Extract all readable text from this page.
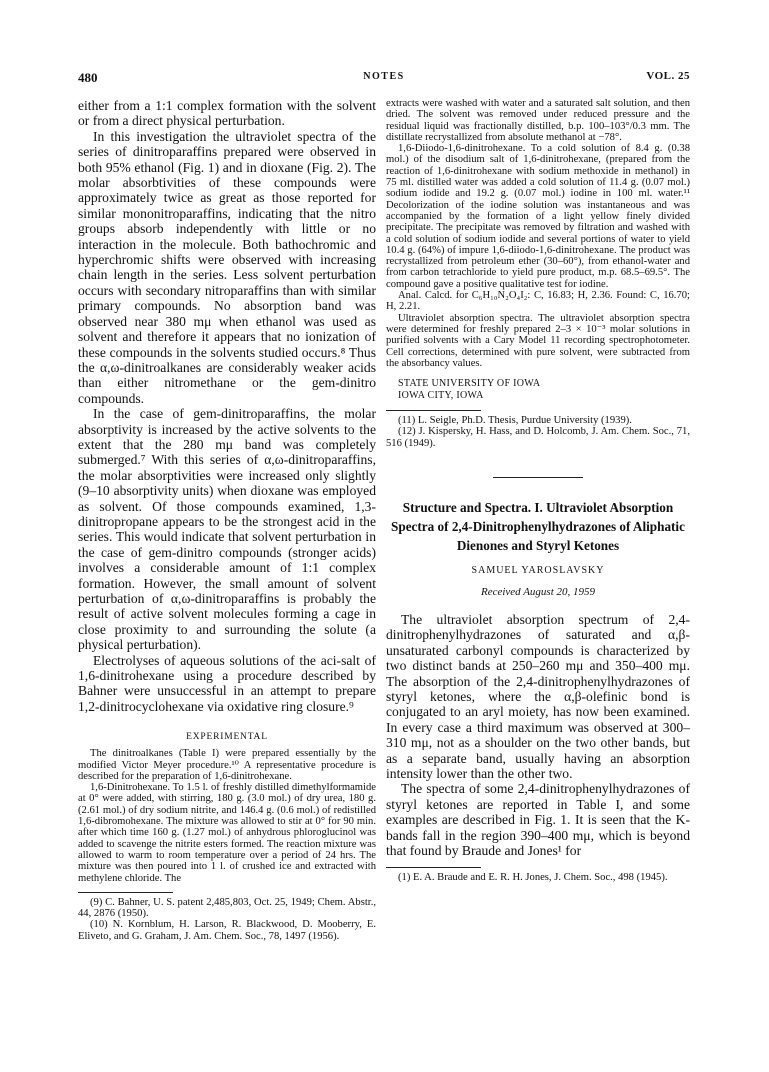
480	NOTES	VOL. 25

either from a 1:1 complex formation with the solvent or from a direct physical perturbation.

In this investigation the ultraviolet spectra of the series of dinitroparaffins prepared were observed in both 95% ethanol (Fig. 1) and in dioxane (Fig. 2). The molar absorbtivities of these compounds were approximately twice as great as those reported for similar mononitroparaffins, indicating that the nitro groups absorb independently with little or no interaction in the molecule. Both bathochromic and hyperchromic shifts were observed with increasing chain length in the series. Less solvent perturbation occurs with secondary nitroparaffins than with similar primary compounds. No absorption band was observed near 380 mμ when ethanol was used as solvent and therefore it appears that no ionization of these compounds in the solvents studied occurs.⁸ Thus the α,ω-dinitroalkanes are considerably weaker acids than either nitromethane or the gem-dinitro compounds.

In the case of gem-dinitroparaffins, the molar absorptivity is increased by the active solvents to the extent that the 280 mμ band was completely submerged.⁷ With this series of α,ω-dinitroparaffins, the molar absorptivities were increased only slightly (9–10 absorptivity units) when dioxane was employed as solvent. Of those compounds examined, 1,3-dinitropropane appears to be the strongest acid in the series. This would indicate that solvent perturbation in the case of gem-dinitro compounds (stronger acids) involves a considerable amount of 1:1 complex formation. However, the small amount of solvent perturbation of α,ω-dinitroparaffins is probably the result of active solvent molecules forming a cage in close proximity to and surrounding the solute (a physical perturbation).

Electrolyses of aqueous solutions of the aci-salt of 1,6-dinitrohexane using a procedure described by Bahner were unsuccessful in an attempt to prepare 1,2-dinitrocyclohexane via oxidative ring closure.⁹

EXPERIMENTAL

The dinitroalkanes (Table I) were prepared essentially by the modified Victor Meyer procedure.¹⁰ A representative procedure is described for the preparation of 1,6-dinitrohexane.

1,6-Dinitrohexane. To 1.5 l. of freshly distilled dimethylformamide at 0° were added, with stirring, 180 g. (3.0 mol.) of dry urea, 180 g. (2.61 mol.) of dry sodium nitrite, and 146.4 g. (0.6 mol.) of redistilled 1,6-dibromohexane. The mixture was allowed to stir at 0° for 90 min. after which time 160 g. (1.27 mol.) of anhydrous phloroglucinol was added to scavenge the nitrite esters formed. The reaction mixture was allowed to warm to room temperature over a period of 24 hrs. The mixture was then poured into 1 l. of crushed ice and extracted with methylene chloride. The

(9) C. Bahner, U. S. patent 2,485,803, Oct. 25, 1949; Chem. Abstr., 44, 2876 (1950).

(10) N. Kornblum, H. Larson, R. Blackwood, D. Mooberry, E. Eliveto, and G. Graham, J. Am. Chem. Soc., 78, 1497 (1956).

extracts were washed with water and a saturated salt solution, and then dried. The solvent was removed under reduced pressure and the residual liquid was fractionally distilled, b.p. 100–103°/0.3 mm. The distillate recrystallized from absolute methanol at −78°.

1,6-Diiodo-1,6-dinitrohexane. To a cold solution of 8.4 g. (0.38 mol.) of the disodium salt of 1,6-dinitrohexane, (prepared from the reaction of 1,6-dinitrohexane with sodium methoxide in methanol) in 75 ml. distilled water was added a cold solution of 11.4 g. (0.07 mol.) sodium iodide and 19.2 g. (0.07 mol.) iodine in 100 ml. water.¹¹ Decolorization of the iodine solution was instantaneous and was accompanied by the formation of a light yellow finely divided precipitate. The precipitate was removed by filtration and washed with a cold solution of sodium iodide and several portions of water to yield 10.4 g. (64%) of impure 1,6-diiodo-1,6-dinitrohexane. The product was recrystallized from petroleum ether (30–60°), from ethanol-water and from carbon tetrachloride to yield pure product, m.p. 68.5–69.5°. The compound gave a positive qualitative test for iodine.

Anal. Calcd. for C₆H₁₀N₂O₄I₂: C, 16.83; H, 2.36. Found: C, 16.70; H, 2.21.

Ultraviolet absorption spectra. The ultraviolet absorption spectra were determined for freshly prepared 2–3 × 10⁻³ molar solutions in purified solvents with a Cary Model 11 recording spectrophotometer. Cell corrections, determined with pure solvent, were subtracted from the absorbancy values.

STATE UNIVERSITY OF IOWA
IOWA CITY, IOWA

(11) L. Seigle, Ph.D. Thesis, Purdue University (1939).

(12) J. Kispersky, H. Hass, and D. Holcomb, J. Am. Chem. Soc., 71, 516 (1949).

Structure and Spectra. I. Ultraviolet Absorption Spectra of 2,4-Dinitrophenylhydrazones of Aliphatic Dienones and Styryl Ketones
SAMUEL YAROSLAVSKY
Received August 20, 1959

The ultraviolet absorption spectrum of 2,4-dinitrophenylhydrazones of saturated and α,β-unsaturated carbonyl compounds is characterized by two distinct bands at 250–260 mμ and 350–400 mμ. The absorption of the 2,4-dinitrophenylhydrazones of styryl ketones, where the α,β-olefinic bond is conjugated to an aryl moiety, has now been examined. In every case a third maximum was observed at 300–310 mμ, not as a shoulder on the two other bands, but as a separate band, usually having an absorption intensity lower than the other two.

The spectra of some 2,4-dinitrophenylhydrazones of styryl ketones are reported in Table I, and some examples are described in Fig. 1. It is seen that the K-bands fall in the region 390–400 mμ, which is beyond that found by Braude and Jones¹ for

(1) E. A. Braude and E. R. H. Jones, J. Chem. Soc., 498 (1945).
